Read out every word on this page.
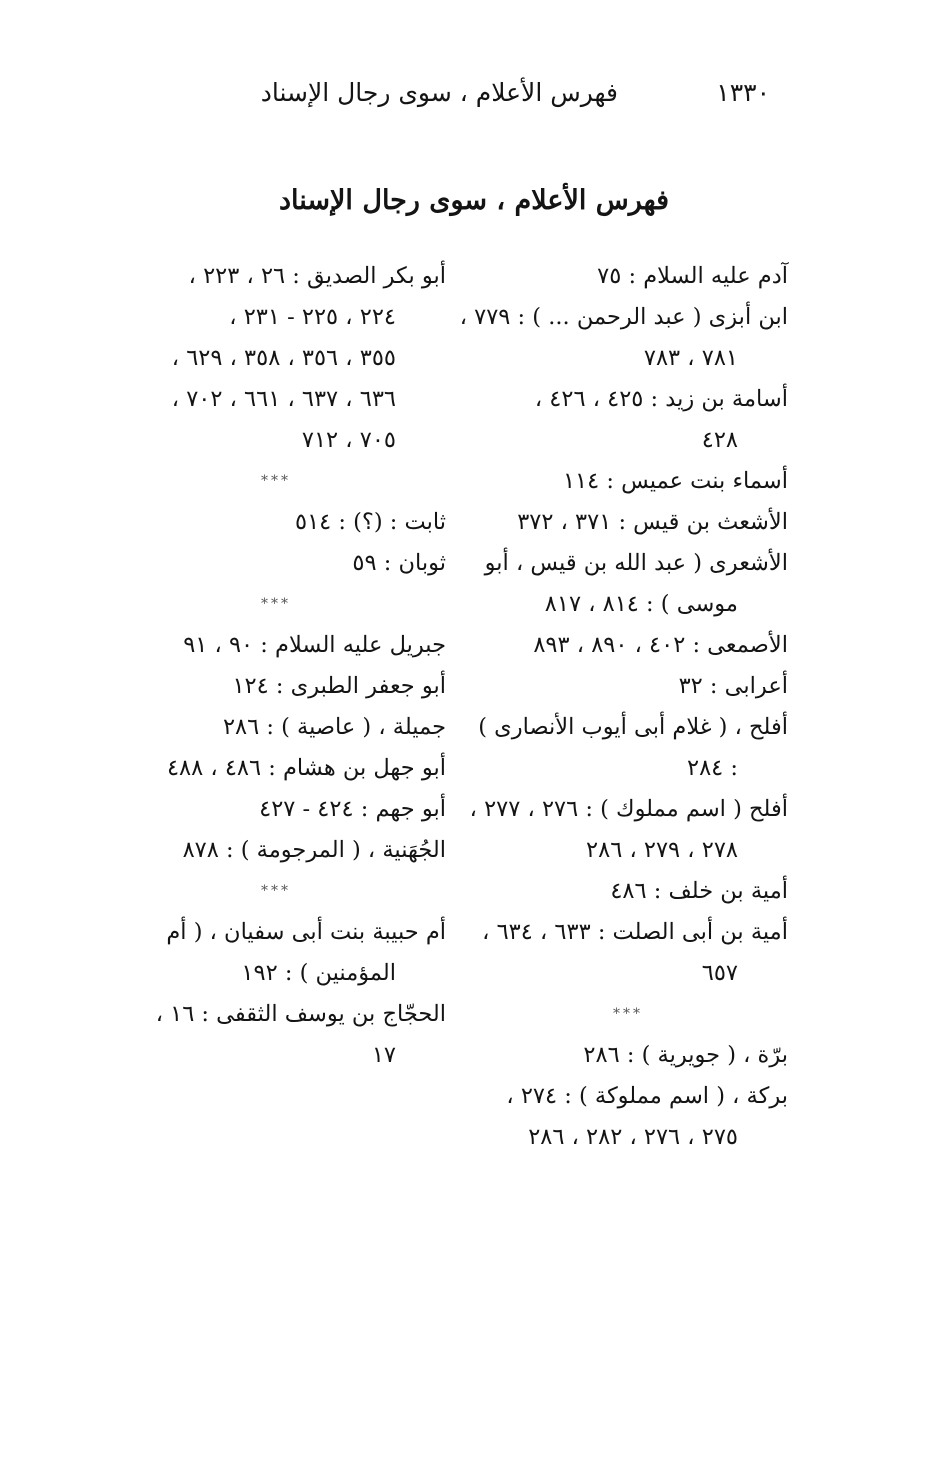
١٣٣٠
فهرس الأعلام ، سوى رجال الإسناد
فهرس الأعلام ، سوى رجال الإسناد
آدم عليه السلام : ٧٥
ابن أبزى ( عبد الرحمن ... ) : ٧٧٩ ،
٧٨١ ، ٧٨٣
أسامة بن زيد : ٤٢٥ ، ٤٢٦ ،
٤٢٨
أسماء بنت عميس : ١١٤
الأشعث بن قيس : ٣٧١ ، ٣٧٢
الأشعرى ( عبد الله بن قيس ، أبو
موسى ) : ٨١٤ ، ٨١٧
الأصمعى : ٤٠٢ ، ٨٩٠ ، ٨٩٣
أعرابى : ٣٢
أفلح ، ( غلام أبى أيوب الأنصارى )
: ٢٨٤
أفلح ( اسم مملوك ) : ٢٧٦ ، ٢٧٧ ،
٢٧٨ ، ٢٧٩ ، ٢٨٦
أمية بن خلف : ٤٨٦
أمية بن أبى الصلت : ٦٣٣ ، ٦٣٤ ،
٦٥٧
***
برّة ، ( جويرية ) : ٢٨٦
بركة ، ( اسم مملوكة ) : ٢٧٤ ،
٢٧٥ ، ٢٧٦ ، ٢٨٢ ، ٢٨٦
أبو بكر الصديق : ٢٦ ، ٢٢٣ ،
٢٢٤ ، ٢٢٥ - ٢٣١ ،
٣٥٥ ، ٣٥٦ ، ٣٥٨ ، ٦٢٩ ،
٦٣٦ ، ٦٣٧ ، ٦٦١ ، ٧٠٢ ،
٧٠٥ ، ٧١٢
***
ثابت : (؟) : ٥١٤
ثوبان : ٥٩
***
جبريل عليه السلام : ٩٠ ، ٩١
أبو جعفر الطبرى : ١٢٤
جميلة ، ( عاصية ) : ٢٨٦
أبو جهل بن هشام : ٤٨٦ ، ٤٨٨
أبو جهم : ٤٢٤ - ٤٢٧
الجُهَنية ، ( المرجومة ) : ٨٧٨
***
أم حبيبة بنت أبى سفيان ، ( أم
المؤمنين ) : ١٩٢
الحجّاج بن يوسف الثقفى : ١٦ ،
١٧
